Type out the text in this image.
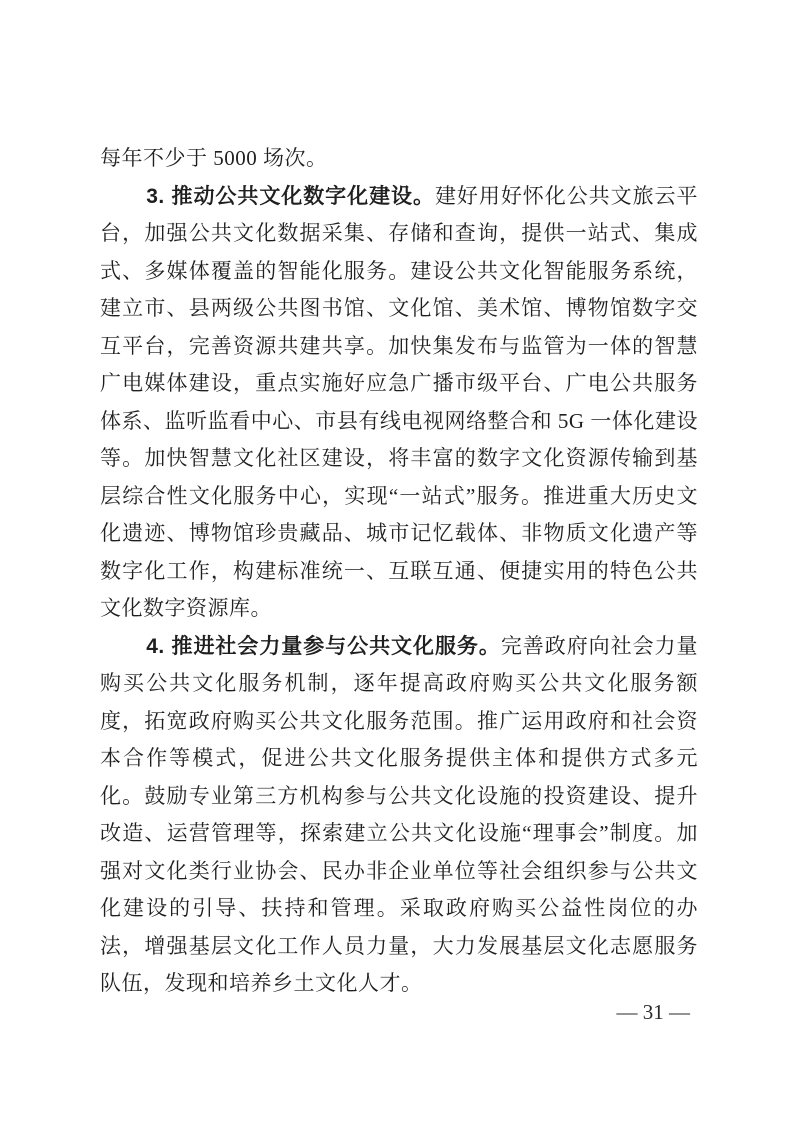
每年不少于 5000 场次。

3. 推动公共文化数字化建设。建好用好怀化公共文旅云平台，加强公共文化数据采集、存储和查询，提供一站式、集成式、多媒体覆盖的智能化服务。建设公共文化智能服务系统，建立市、县两级公共图书馆、文化馆、美术馆、博物馆数字交互平台，完善资源共建共享。加快集发布与监管为一体的智慧广电媒体建设，重点实施好应急广播市级平台、广电公共服务体系、监听监看中心、市县有线电视网络整合和 5G 一体化建设等。加快智慧文化社区建设，将丰富的数字文化资源传输到基层综合性文化服务中心，实现“一站式”服务。推进重大历史文化遗迹、博物馆珍贵藏品、城市记忆载体、非物质文化遗产等数字化工作，构建标准统一、互联互通、便捷实用的特色公共文化数字资源库。

4. 推进社会力量参与公共文化服务。完善政府向社会力量购买公共文化服务机制，逐年提高政府购买公共文化服务额度，拓宽政府购买公共文化服务范围。推广运用政府和社会资本合作等模式，促进公共文化服务提供主体和提供方式多元化。鼓励专业第三方机构参与公共文化设施的投资建设、提升改造、运营管理等，探索建立公共文化设施“理事会”制度。加强对文化类行业协会、民办非企业单位等社会组织参与公共文化建设的引导、扶持和管理。采取政府购买公益性岗位的办法，增强基层文化工作人员力量，大力发展基层文化志愿服务队伍，发现和培养乡土文化人才。

— 31 —
